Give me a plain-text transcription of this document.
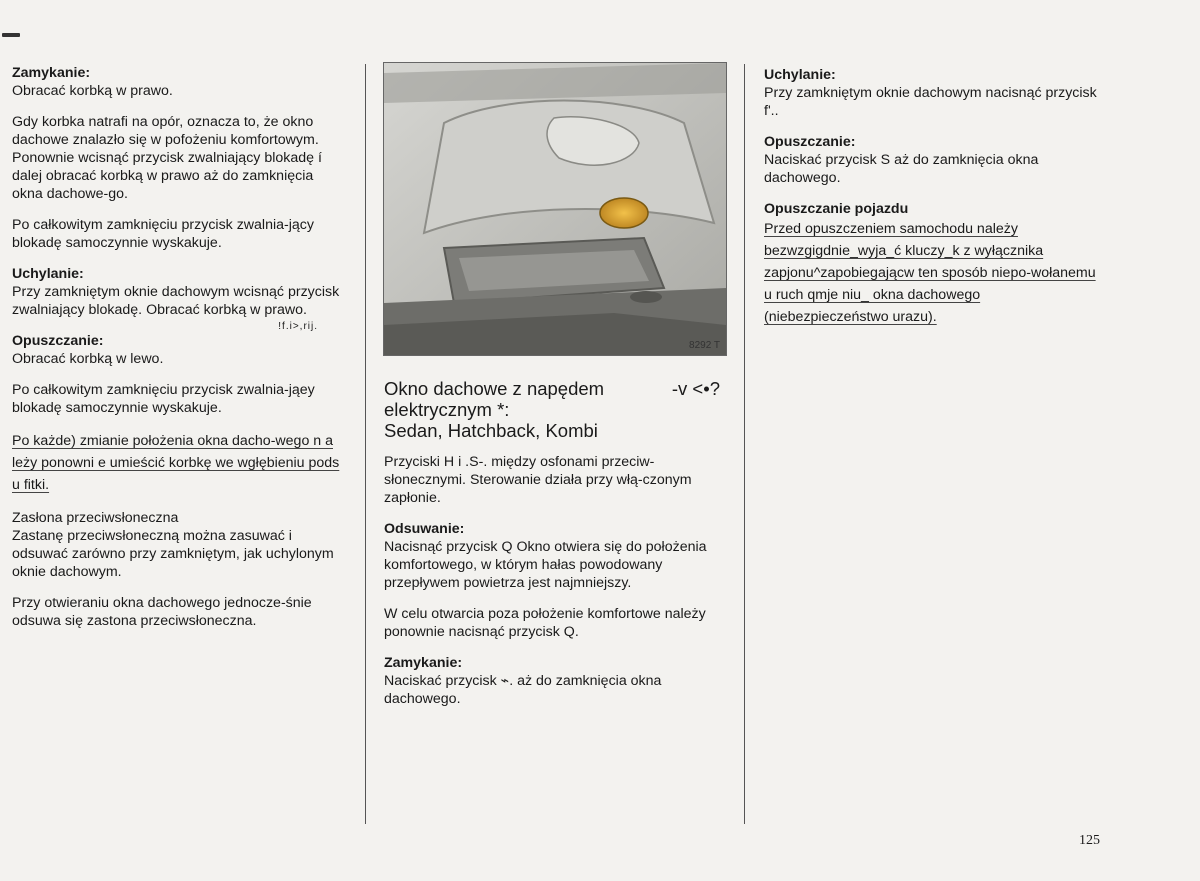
Zamykanie:

Obracać korbką w prawo.

Gdy korbka natrafi na opór, oznacza to, że okno dachowe znalazło się w pofożeniu komfortowym. Ponownie wcisnąć przycisk zwalniający blokadę í dalej obracać korbką w prawo aż do zamknięcia okna dachowe-go.

Po całkowitym zamknięciu przycisk zwalnia-jący blokadę samoczynnie wyskakuje.

Uchylanie:

Przy zamkniętym oknie dachowym wcisnąć przycisk zwalniający blokadę. Obracać korbką w prawo.

!f.i>,rij.
Opuszczanie:

Obracać korbką w lewo.

Po całkowitym zamknięciu przycisk zwalnia-jąey blokadę samoczynnie wyskakuje.

Po każde) zmianie położenia okna dacho-wego n a leży ponowni e umieścić korbkę we wgłębieniu pods u fitki.

Zasłona przeciwsłoneczna

Zastanę przeciwsłoneczną można zasuwać i odsuwać zarówno przy zamkniętym, jak uchylonym oknie dachowym.

Przy otwieraniu okna dachowego jednocze-śnie odsuwa się zastona przeciwsłoneczna.

8292 T
Okno dachowe z napędem	-v <•?
elektrycznym *:
Sedan, Hatchback, Kombi

Przyciski H i .S-. między osfonami przeciw-słonecznymi. Sterowanie działa przy włą-czonym zapłonie.

Odsuwanie:

Nacisnąć przycisk Q Okno otwiera się do położenia komfortowego, w którym hałas powodowany przepływem powietrza jest najmniejszy.

W celu otwarcia poza położenie komfortowe należy ponownie nacisnąć przycisk Q.

Zamykanie:

Naciskać przycisk ⌁. aż do zamknięcia okna dachowego.

Uchylanie:

Przy zamkniętym oknie dachowym nacisnąć przycisk f'..

Opuszczanie:

Naciskać przycisk S aż do zamknięcia okna dachowego.

Opuszczanie pojazdu

Przed opuszczeniem samochodu należy bezwzgigdnie_wyja_ć kluczy_k z wyłącznika zapjonu^zapobiegającw ten sposób niepo-wołanemu u ruch qmje niu_ okna dachowego (niebezpieczeństwo urazu).

125
